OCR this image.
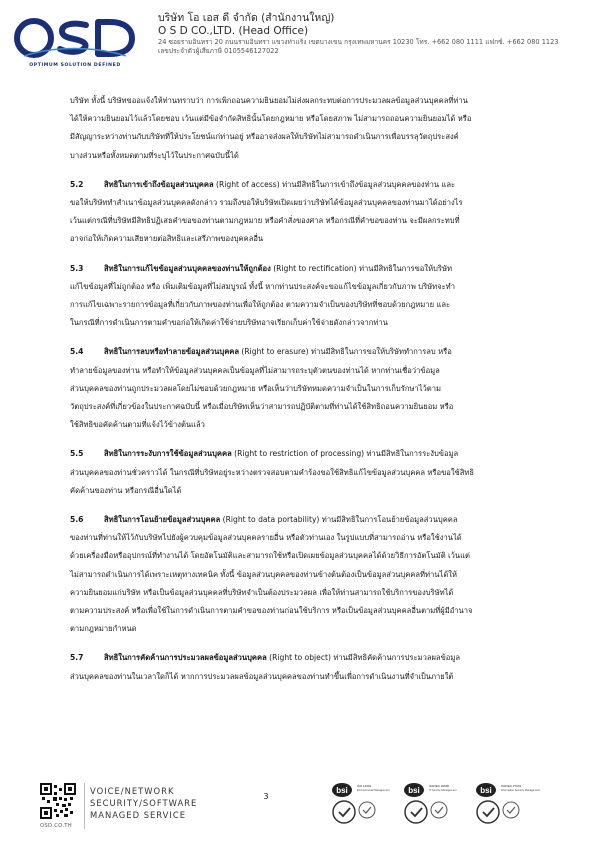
OPTIMUM SOLUTION DEFINED
บริษัท โอ เอส ดี จำกัด (สำนักงานใหญ่)
O S D CO.,LTD. (Head Office)
24 ซอยรามอินทรา 20 ถนนรามอินทรา แขวงท่าแร้ง เขตบางเขน กรุงเทพมหานคร 10230 โทร. +662 080 1111 แฟกซ์. +662 080 1123
เลขประจำตัวผู้เสียภาษี 0105546127022

บริษัท ทั้งนี้ บริษัทขออแจ้งให้ท่านทราบว่า การเพิกถอนความยินยอมไม่ส่งผลกระทบต่อการประมวลผลข้อมูลส่วนบุคคลที่ท่าน
ได้ให้ความยินยอมไว้แล้วโดยชอบ เว้นแต่มีข้อจำกัดสิทธินั้นโดยกฎหมาย หรือโดยสภาพ ไม่สามารถถอนความยินยอมได้ หรือ
มีสัญญาระหว่างท่านกับบริษัทที่ให้ประโยชน์แก่ท่านอยู่ หรืออาจส่งผลให้บริษัทไม่สามารถดำเนินการเพื่อบรรลุวัตถุประสงค์
บางส่วนหรือทั้งหมดตามที่ระบุไว้ในประกาศฉบับนี้ได้

5.2	สิทธิในการเข้าถึงข้อมูลส่วนบุคคล (Right of access) ท่านมีสิทธิในการเข้าถึงข้อมูลส่วนบุคคลของท่าน และ
ขอให้บริษัททำสำเนาข้อมูลส่วนบุคคลดังกล่าว รวมถึงขอให้บริษัทเปิดเผยว่าบริษัทได้ข้อมูลส่วนบุคคลของท่านมาได้อย่างไร
เว้นแต่กรณีที่บริษัทมีสิทธิปฏิเสธคำขอของท่านตามกฎหมาย หรือคำสั่งของศาล หรือกรณีที่คำขอของท่าน จะมีผลกระทบที่
อาจก่อให้เกิดความเสียหายต่อสิทธิและเสรีภาพของบุคคลอื่น

5.3	สิทธิในการแก้ไขข้อมูลส่วนบุคคลของท่านให้ถูกต้อง (Right to rectification) ท่านมีสิทธิในการขอให้บริษัท
แก้ไขข้อมูลที่ไม่ถูกต้อง หรือ เพิ่มเติมข้อมูลที่ไม่สมบูรณ์ ทั้งนี้ หากท่านประสงค์จะขอแก้ไขข้อมูลเกี่ยวกับภาพ บริษัทจะทำ
การแก้ไขเฉพาะรายการข้อมูลที่เกี่ยวกับภาพของท่านเพื่อให้ถูกต้อง ตามความจำเป็นของบริษัทที่ชอบด้วยกฎหมาย และ
ในกรณีที่การดำเนินการตามคำขอก่อให้เกิดค่าใช้จ่ายบริษัทอาจเรียกเก็บค่าใช้จ่ายดังกล่าวจากท่าน

5.4	สิทธิในการลบหรือทำลายข้อมูลส่วนบุคคล (Right to erasure) ท่านมีสิทธิในการขอให้บริษัททำการลบ หรือ
ทำลายข้อมูลของท่าน หรือทำให้ข้อมูลส่วนบุคคลเป็นข้อมูลที่ไม่สามารถระบุตัวตนของท่านได้ หากท่านเชื่อว่าข้อมูล
ส่วนบุคคลของท่านถูกประมวลผลโดยไม่ชอบด้วยกฎหมาย หรือเห็นว่าบริษัทหมดความจำเป็นในการเก็บรักษาไว้ตาม
วัตถุประสงค์ที่เกี่ยวข้องในประกาศฉบับนี้ หรือเมื่อบริษัทเห็นว่าสามารถปฏิบัติตามที่ท่านได้ใช้สิทธิถอนความยินยอม หรือ
ใช้สิทธิขอคัดค้านตามที่แจ้งไว้ข้างต้นแล้ว

5.5	สิทธิในการระงับการใช้ข้อมูลส่วนบุคคล (Right to restriction of processing) ท่านมีสิทธิในการระงับข้อมูล
ส่วนบุคคลของท่านชั่วคราวได้ ในกรณีที่บริษัทอยู่ระหว่างตรวจสอบตามคำร้องขอใช้สิทธิแก้ไขข้อมูลส่วนบุคคล หรือขอใช้สิทธิ
คัดค้านของท่าน หรือกรณีอื่นใดได้

5.6	สิทธิในการโอนย้ายข้อมูลส่วนบุคคล (Right to data portability) ท่านมีสิทธิในการโอนย้ายข้อมูลส่วนบุคคล
ของท่านที่ท่านให้ไว้กับบริษัทไปยังผู้ควบคุมข้อมูลส่วนบุคคลรายอื่น หรือตัวท่านเอง ในรูปแบบที่สามารถอ่าน หรือใช้งานได้
ด้วยเครื่องมือหรืออุปกรณ์ที่ทำงานได้ โดยอัตโนมัติและสามารถใช้หรือเปิดเผยข้อมูลส่วนบุคคลได้ด้วยวิธีการอัตโนมัติ เว้นแต่
ไม่สามารถดำเนินการได้เพราะเหตุทางเทคนิค ทั้งนี้ ข้อมูลส่วนบุคคลของท่านข้างต้นต้องเป็นข้อมูลส่วนบุคคลที่ท่านได้ให้
ความยินยอมแก่บริษัท หรือเป็นข้อมูลส่วนบุคคลที่บริษัทจำเป็นต้องประมวลผล เพื่อให้ท่านสามารถใช้บริการของบริษัทได้
ตามความประสงค์ หรือเพื่อใช้ในการดำเนินการตามคำขอของท่านก่อนใช้บริการ หรือเป็นข้อมูลส่วนบุคคลอื่นตามที่ผู้มีอำนาจ
ตามกฎหมายกำหนด

5.7	สิทธิในการคัดค้านการประมวลผลข้อมูลส่วนบุคคล (Right to object) ท่านมีสิทธิคัดค้านการประมวลผลข้อมูล
ส่วนบุคคลของท่านในเวลาใดก็ได้ หากการประมวลผลข้อมูลส่วนบุคคลของท่านทำขึ้นเพื่อการดำเนินงานที่จำเป็นภายใต้

OSD.CO.TH
VOICE/NETWORK
SECURITY/SOFTWARE
MANAGED SERVICE
3
bsi	ISO 14001
Environmental Management bsi	ISO/IEC 20000
IT Service Management	bsi	ISO/IEC 27001
Information Security Management
